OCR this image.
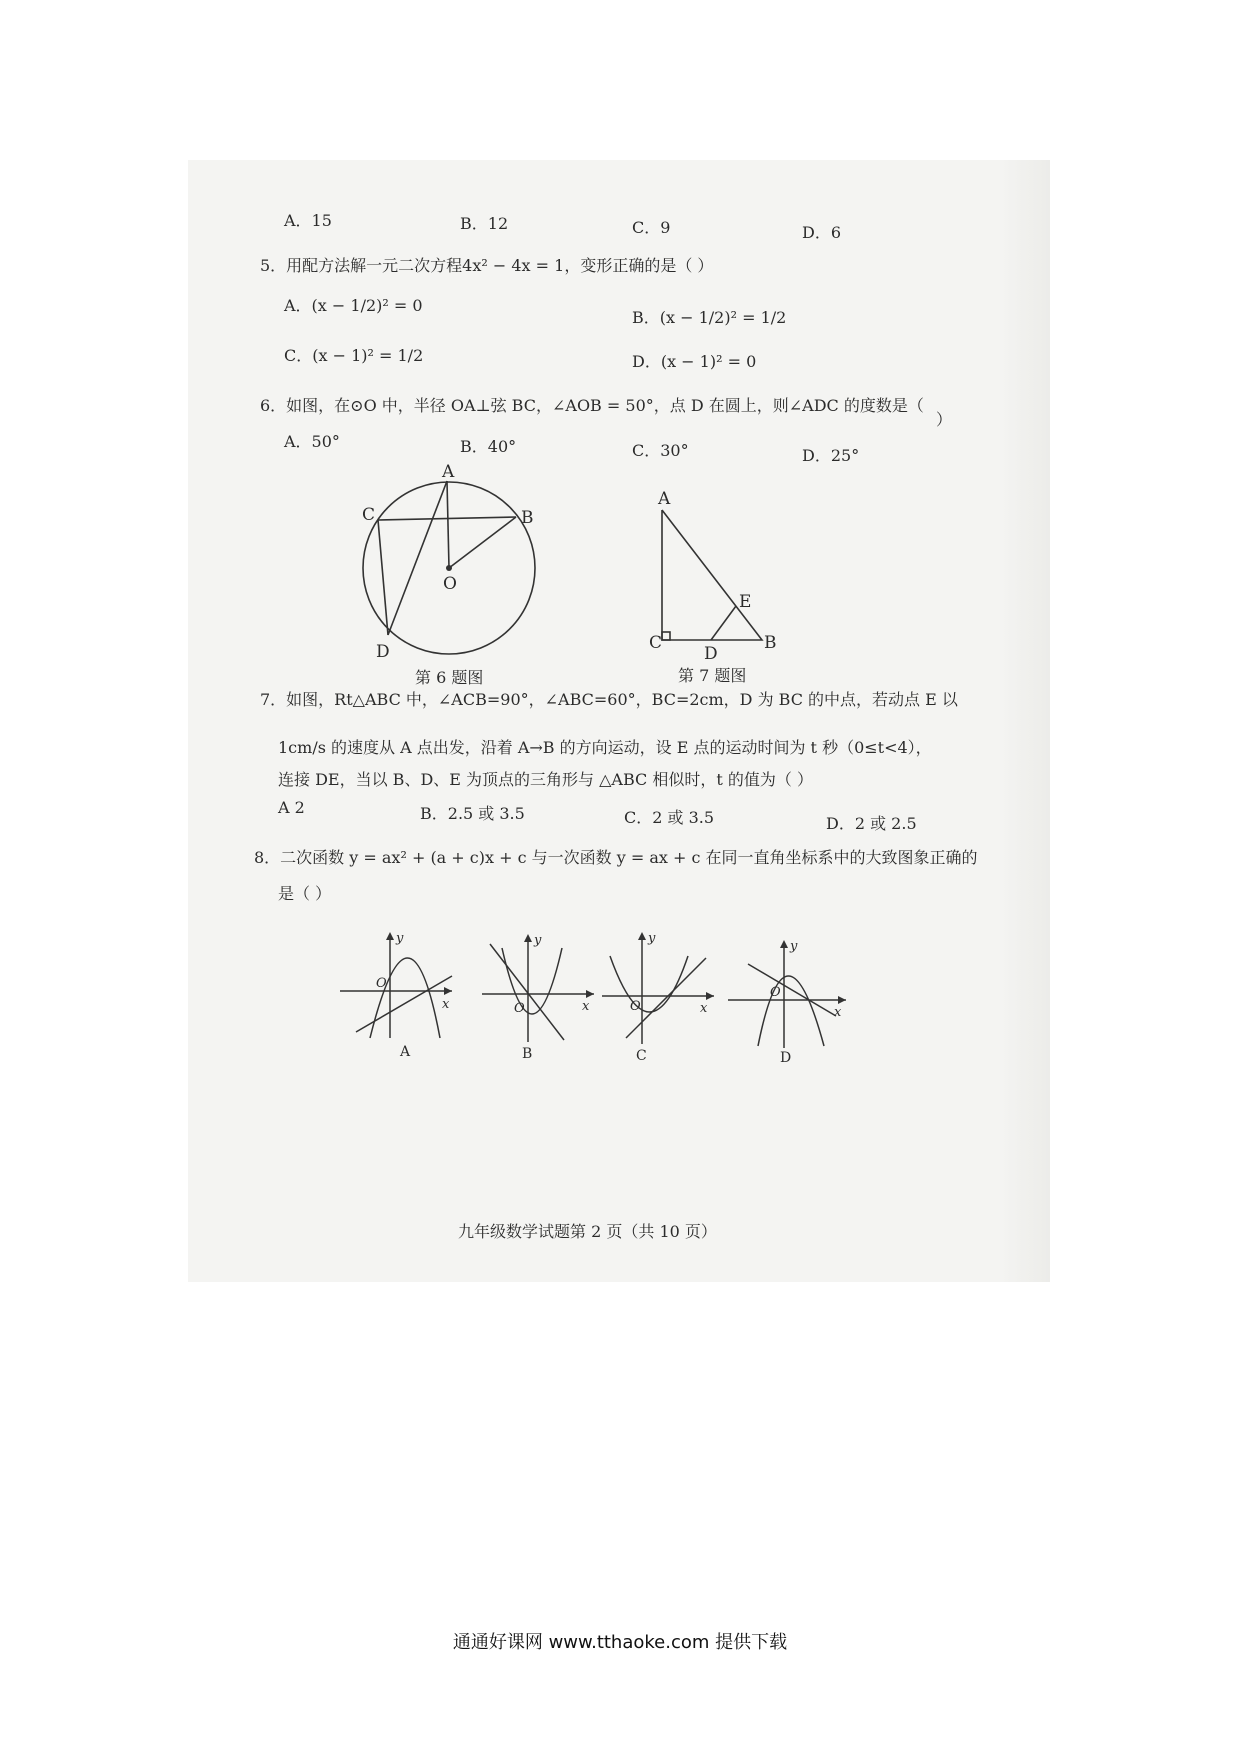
A．15	B．12	C．9	D．6
5．用配方法解一元二次方程4x² − 4x = 1，变形正确的是（ ）
A．(x − 1/2)² = 0
B．(x − 1/2)² = 1/2
C．(x − 1)² = 1/2	D．(x − 1)² = 0
6．如图，在⊙O 中，半径 OA⊥弦 BC，∠AOB = 50°，点 D 在圆上，则∠ADC 的度数是（
）
A．50°	B．40°	C．30°	D．25°
A
B
C
D
O
第 6 题图
A
C
D
E
B
第 7 题图
7．如图，Rt△ABC 中，∠ACB=90°，∠ABC=60°，BC=2cm，D 为 BC 的中点，若动点 E 以
1cm/s 的速度从 A 点出发，沿着 A→B 的方向运动，设 E 点的运动时间为 t 秒（0≤t<4），
连接 DE，当以 B、D、E 为顶点的三角形与 △ABC 相似时，t 的值为（ ）
A 2	B．2.5 或 3.5	C．2 或 3.5	D．2 或 2.5
8．二次函数 y = ax² + (a + c)x + c 与一次函数 y = ax + c 在同一直角坐标系中的大致图象正确的
是（ ）
y
x
O
A
y
x
O
B
y
x
O
C
y
x
O
D
九年级数学试题第 2 页（共 10 页）
通通好课网 www.tthaoke.com 提供下载
